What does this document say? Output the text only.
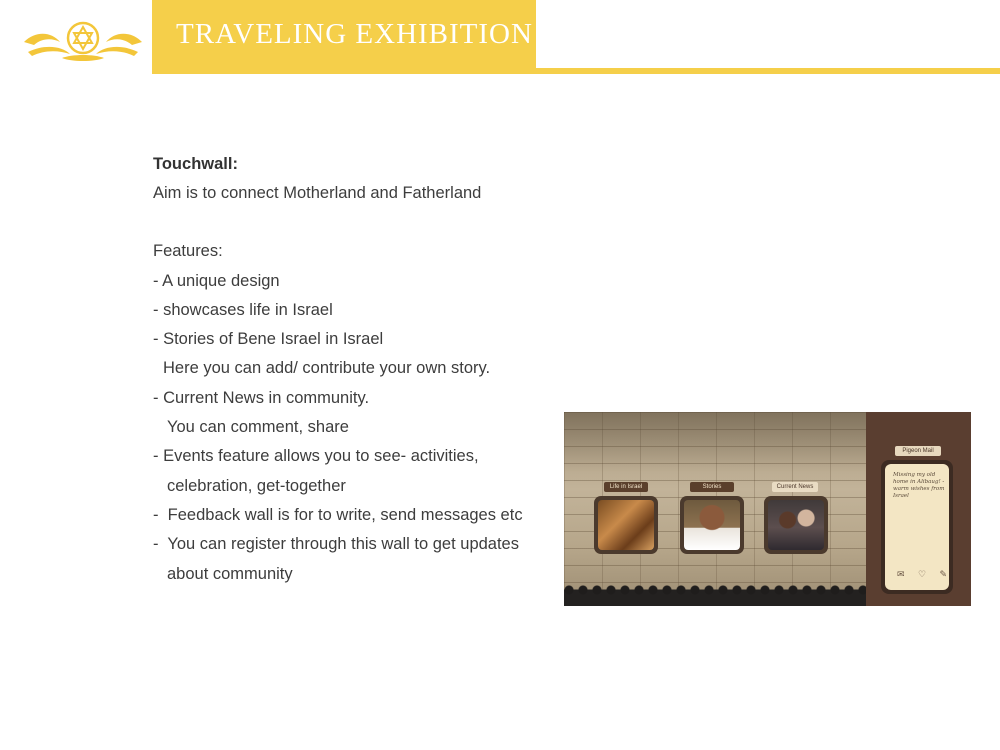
TRAVELING EXHIBITION
Touchwall:
Aim is to connect Motherland and Fatherland
Features:
- A unique design
- showcases life in Israel
- Stories of Bene Israel in Israel
Here you can add/ contribute your own story.
- Current News in community.
You can comment, share
- Events feature allows you to see- activities,
celebration, get-together
-  Feedback wall is for to write, send messages etc
-  You can register through this wall to get updates
about community
Life in Israel	Stories	Current News
Pigeon Mail
Missing my old home in Alibaug! - warm wishes from Israel
✉ ♡ ✎
